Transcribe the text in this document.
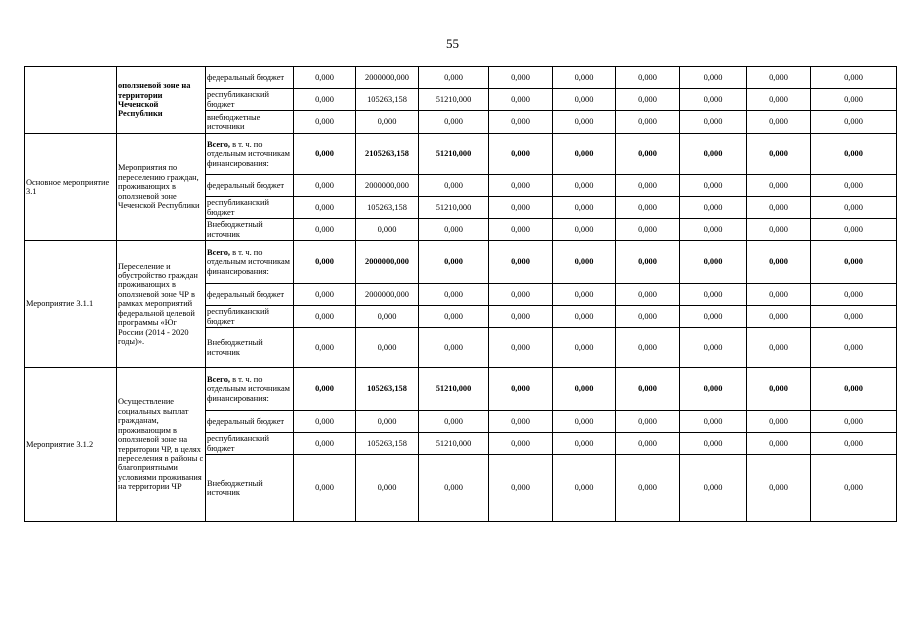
55
	оползневой зоне на территории Чеченской Республики	федеральный бюджет	0,000	2000000,000	0,000	0,000	0,000	0,000	0,000	0,000	0,000
		республиканский бюджет	0,000	105263,158	51210,000	0,000	0,000	0,000	0,000	0,000	0,000
		внебюджетные источники	0,000	0,000	0,000	0,000	0,000	0,000	0,000	0,000	0,000
Основное мероприятие 3.1	Мероприятия по переселению граждан, проживающих в оползневой зоне Чеченской Республики	Всего, в т. ч. по отдельным источникам финансирования:	0,000	2105263,158	51210,000	0,000	0,000	0,000	0,000	0,000	0,000
		федеральный бюджет	0,000	2000000,000	0,000	0,000	0,000	0,000	0,000	0,000	0,000
		республиканский бюджет	0,000	105263,158	51210,000	0,000	0,000	0,000	0,000	0,000	0,000
		Внебюджетный источник	0,000	0,000	0,000	0,000	0,000	0,000	0,000	0,000	0,000
Мероприятие 3.1.1	Переселение и обустройство граждан проживающих в оползневой зоне ЧР в рамках мероприятий федеральной целевой программы «Юг России (2014 - 2020 годы)».	Всего, в т. ч. по отдельным источникам финансирования:	0,000	2000000,000	0,000	0,000	0,000	0,000	0,000	0,000	0,000
		федеральный бюджет	0,000	2000000,000	0,000	0,000	0,000	0,000	0,000	0,000	0,000
		республиканский бюджет	0,000	0,000	0,000	0,000	0,000	0,000	0,000	0,000	0,000
		Внебюджетный источник	0,000	0,000	0,000	0,000	0,000	0,000	0,000	0,000	0,000
Мероприятие 3.1.2	Осуществление социальных выплат гражданам, проживающим в оползневой зоне на территории ЧР, в целях переселения в районы с благоприятными условиями проживания на территории ЧР	Всего, в т. ч. по отдельным источникам финансирования:	0,000	105263,158	51210,000	0,000	0,000	0,000	0,000	0,000	0,000
		федеральный бюджет	0,000	0,000	0,000	0,000	0,000	0,000	0,000	0,000	0,000
		республиканский бюджет	0,000	105263,158	51210,000	0,000	0,000	0,000	0,000	0,000	0,000
		Внебюджетный источник	0,000	0,000	0,000	0,000	0,000	0,000	0,000	0,000	0,000
